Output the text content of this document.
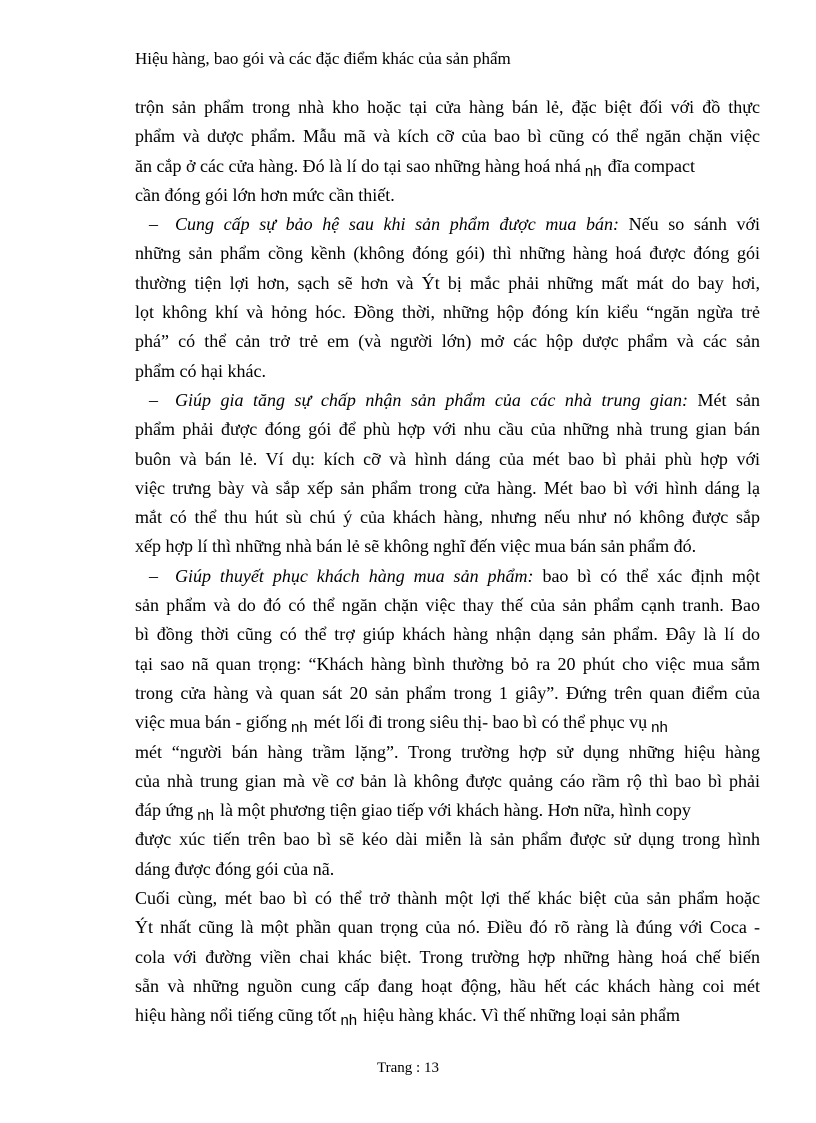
Hiệu hàng, bao gói và các đặc điểm khác của sản phẩm
trộn sản phẩm trong nhà kho hoặc tại cửa hàng bán lẻ, đặc biệt đối với đồ thực
phẩm và dược phẩm. Mẫu mã và kích cỡ của bao bì cũng có thể ngăn chặn việc
ăn cắp ở các cửa hàng. Đó là lí do tại sao những hàng hoá nhá $_{nh}$ đĩa compact
cần đóng gói lớn hơn mức cần thiết.
– Cung cấp sự bảo hệ sau khi sản phẩm được mua bán: Nếu so sánh với
những sản phẩm cồng kềnh (không đóng gói) thì những hàng hoá được đóng gói
thường tiện lợi hơn, sạch sẽ hơn và Ýt bị mắc phải những mất mát do bay hơi,
lọt không khí và hỏng hóc. Đồng thời, những hộp đóng kín kiểu “ngăn ngừa trẻ
phá” có thể cản trở trẻ em (và người lớn) mở các hộp dược phẩm và các sản
phẩm có hại khác.
– Giúp gia tăng sự chấp nhận sản phẩm của các nhà trung gian: Mét sản
phẩm phải được đóng gói để phù hợp với nhu cầu của những nhà trung gian bán
buôn và bán lẻ. Ví dụ: kích cỡ và hình dáng của mét bao bì phải phù hợp với
việc trưng bày và sắp xếp sản phẩm trong cửa hàng. Mét bao bì với hình dáng lạ
mắt có thể thu hút sù chú ý của khách hàng, nhưng nếu như nó không được sắp
xếp hợp lí thì những nhà bán lẻ sẽ không nghĩ đến việc mua bán sản phẩm đó.
– Giúp thuyết phục khách hàng mua sản phẩm: bao bì có thể xác định một
sản phẩm và do đó có thể ngăn chặn việc thay thế của sản phẩm cạnh tranh. Bao
bì đồng thời cũng có thể trợ giúp khách hàng nhận dạng sản phẩm. Đây là lí do
tại sao nã quan trọng: “Khách hàng bình thường bỏ ra 20 phút cho việc mua sắm
trong cửa hàng và quan sát 20 sản phẩm trong 1 giây”. Đứng trên quan điểm của
việc mua bán - giống $_{nh}$ mét lối đi trong siêu thị- bao bì có thể phục vụ $_{nh}$
mét “người bán hàng trầm lặng”. Trong trường hợp sử dụng những hiệu hàng
của nhà trung gian mà về cơ bản là không được quảng cáo rầm rộ thì bao bì phải
đáp ứng $_{nh}$ là một phương tiện giao tiếp với khách hàng. Hơn nữa, hình copy
được xúc tiến trên bao bì sẽ kéo dài miễn là sản phẩm được sử dụng trong hình
dáng được đóng gói của nã.
Cuối cùng, mét bao bì có thể trở thành một lợi thế khác biệt của sản phẩm hoặc
Ýt nhất cũng là một phần quan trọng của nó. Điều đó rõ ràng là đúng với Coca -
cola với đường viền chai khác biệt. Trong trường hợp những hàng hoá chế biến
sẵn và những nguồn cung cấp đang hoạt động, hầu hết các khách hàng coi mét
hiệu hàng nổi tiếng cũng tốt $_{nh}$ hiệu hàng khác. Vì thế những loại sản phẩm
Trang : 13
